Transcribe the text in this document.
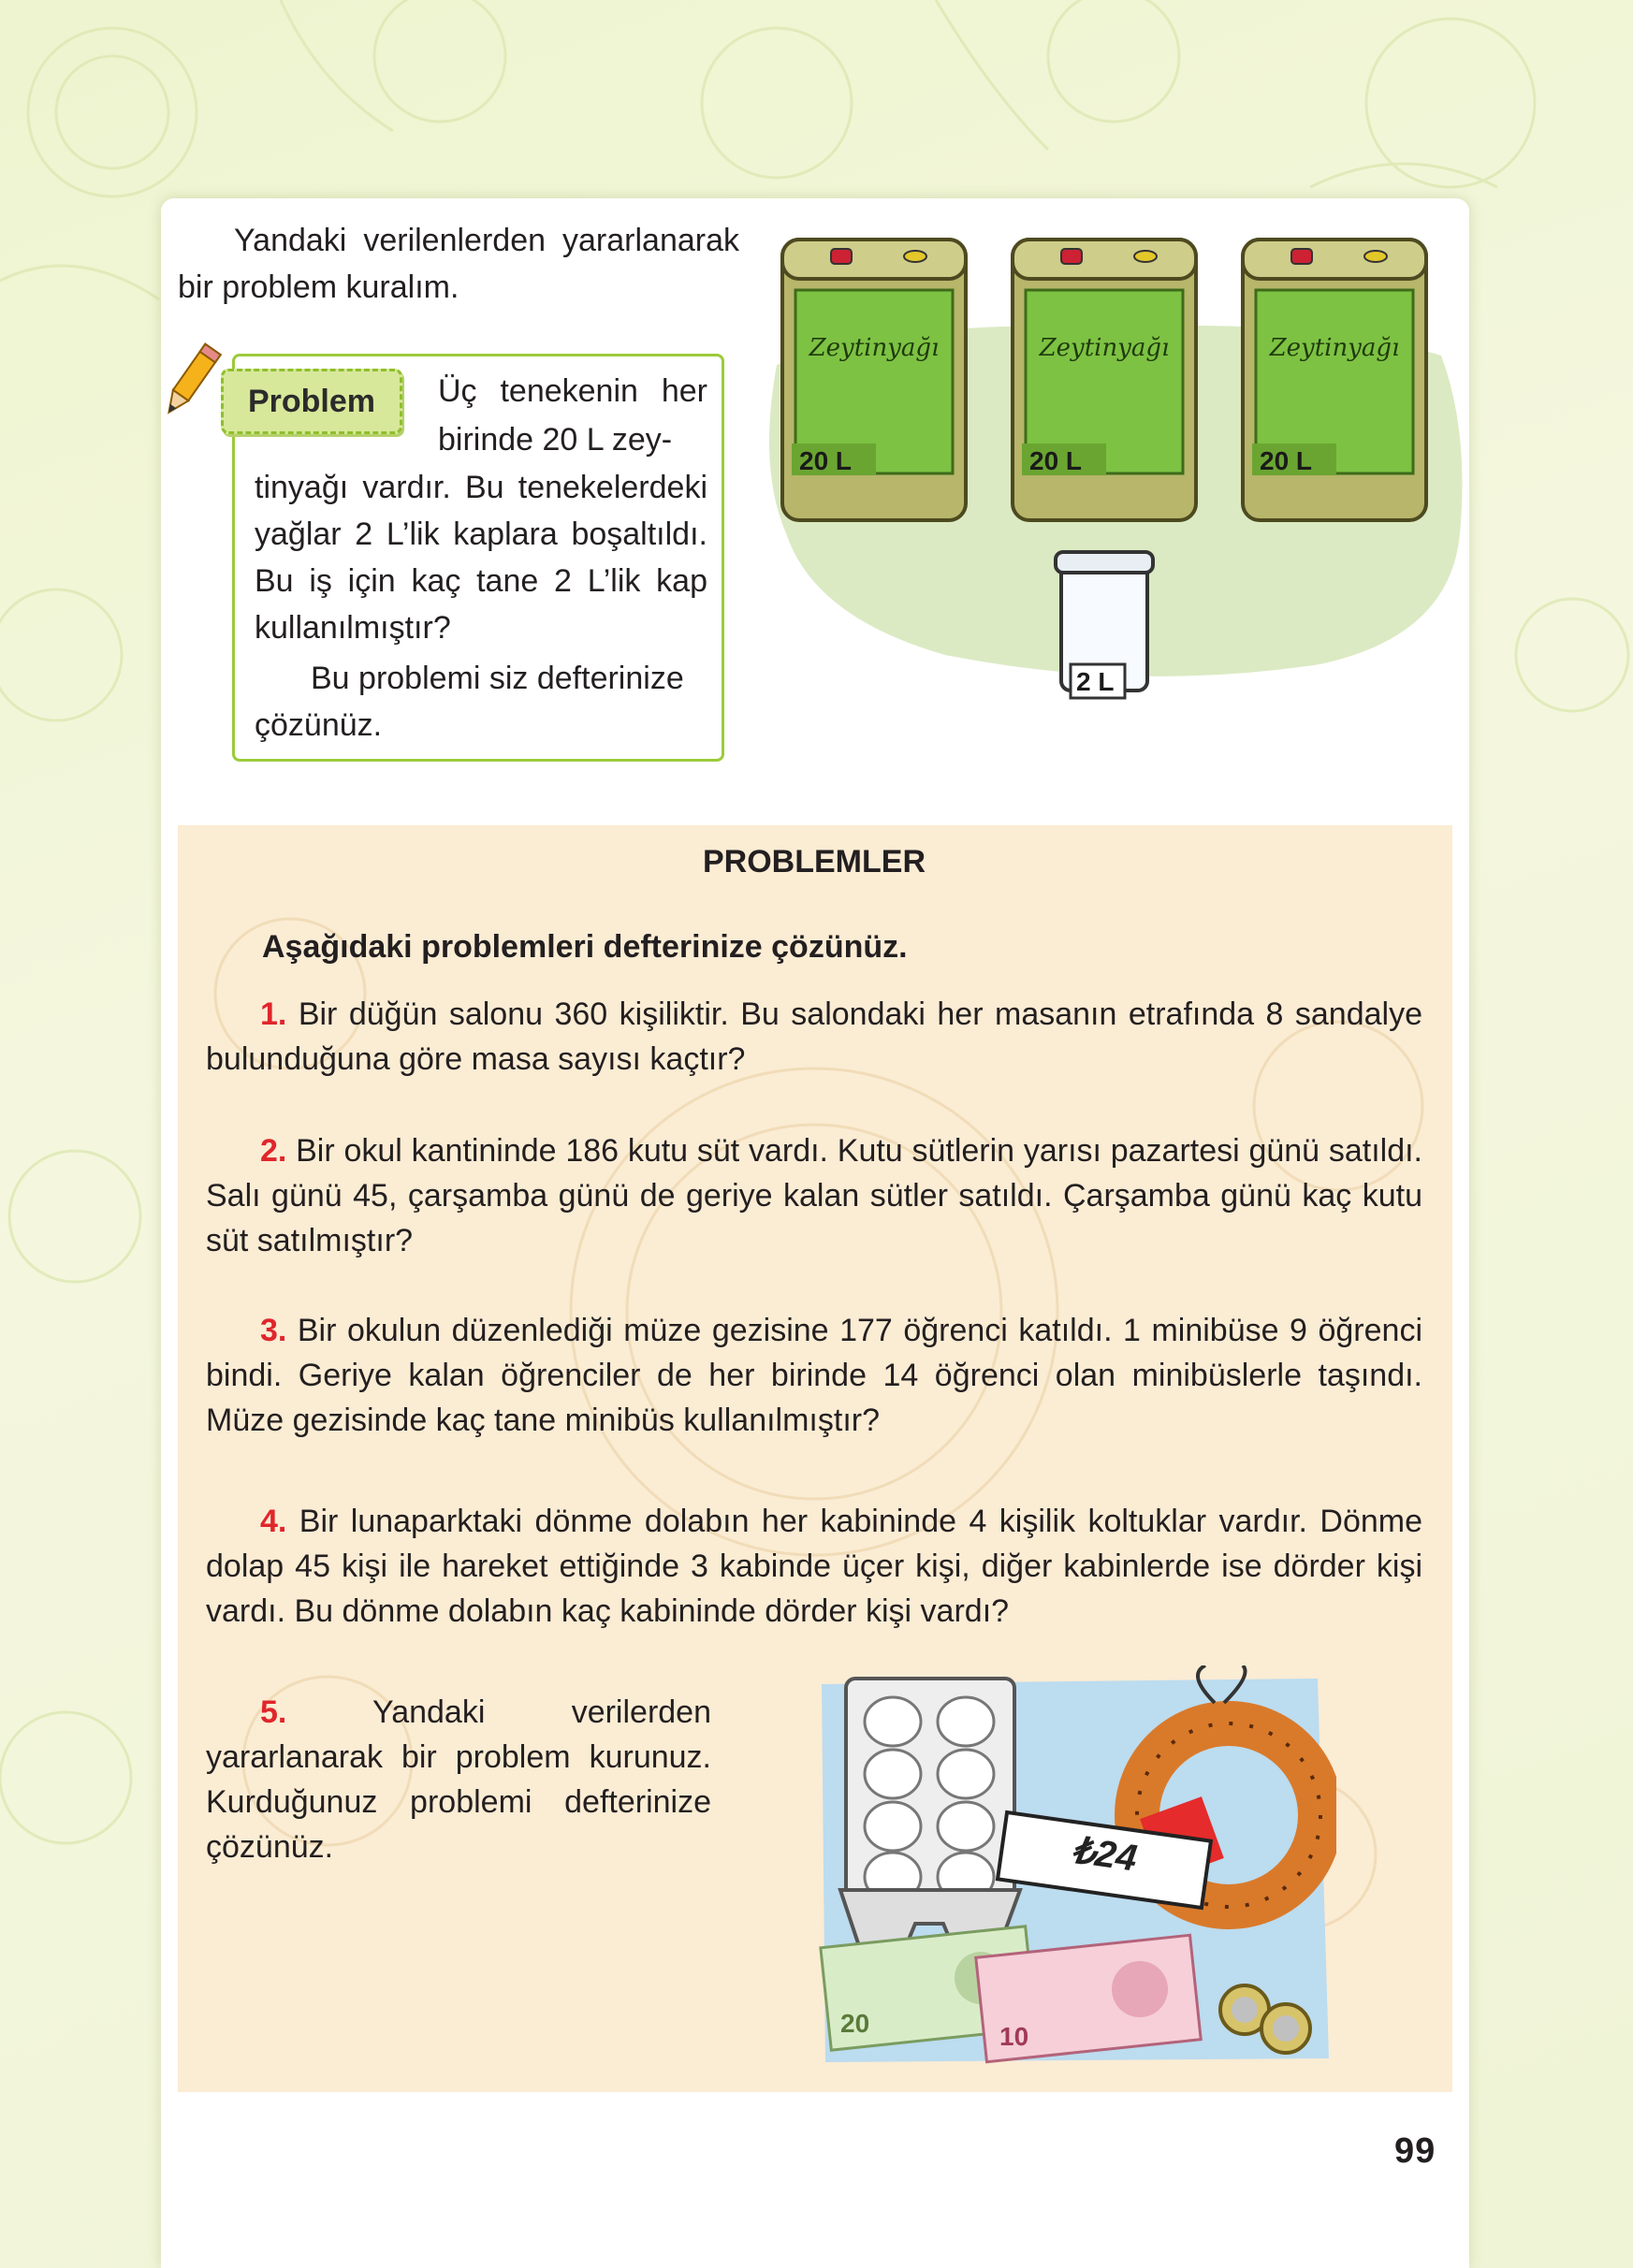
Yandaki verilenlerden yararlanarak bir problem kuralım.

Problem	Üç tenekenin her birinde 20 L zey-

tinyağı vardır. Bu tenekelerdeki yağlar 2 L’lik kaplara boşaltıldı. Bu iş için kaç tane 2 L’lik kap kullanılmıştır?

Bu problemi siz defterinize çözünüz.

Zeytinyağı
20 L
Zeytinyağı
20 L
Zeytinyağı
20 L
2 L

PROBLEMLER

Aşağıdaki problemleri defterinize çözünüz.

1. Bir düğün salonu 360 kişiliktir. Bu salondaki her masanın etrafında 8 sandalye bulunduğuna göre masa sayısı kaçtır?

2. Bir okul kantininde 186 kutu süt vardı. Kutu sütlerin yarısı pazartesi günü satıldı. Salı günü 45, çarşamba günü de geriye kalan sütler satıldı. Çarşamba günü kaç kutu süt satılmıştır?

3. Bir okulun düzenlediği müze gezisine 177 öğrenci katıldı. 1 minibüse 9 öğrenci bindi. Geriye kalan öğrenciler de her birinde 14 öğrenci olan minibüslerle taşındı. Müze gezisinde kaç tane minibüs kullanılmıştır?

4. Bir lunaparktaki dönme dolabın her kabininde 4 kişilik koltuklar vardır. Dönme dolap 45 kişi ile hareket ettiğinde 3 kabinde üçer kişi, diğer kabinlerde ise dörder kişi vardı. Bu dönme dolabın kaç kabininde dörder kişi vardı?

5.	Yandaki verilerden yararlanarak bir problem kurunuz. Kurduğunuz problemi defterinize çözünüz.

20	10
₺24

99
